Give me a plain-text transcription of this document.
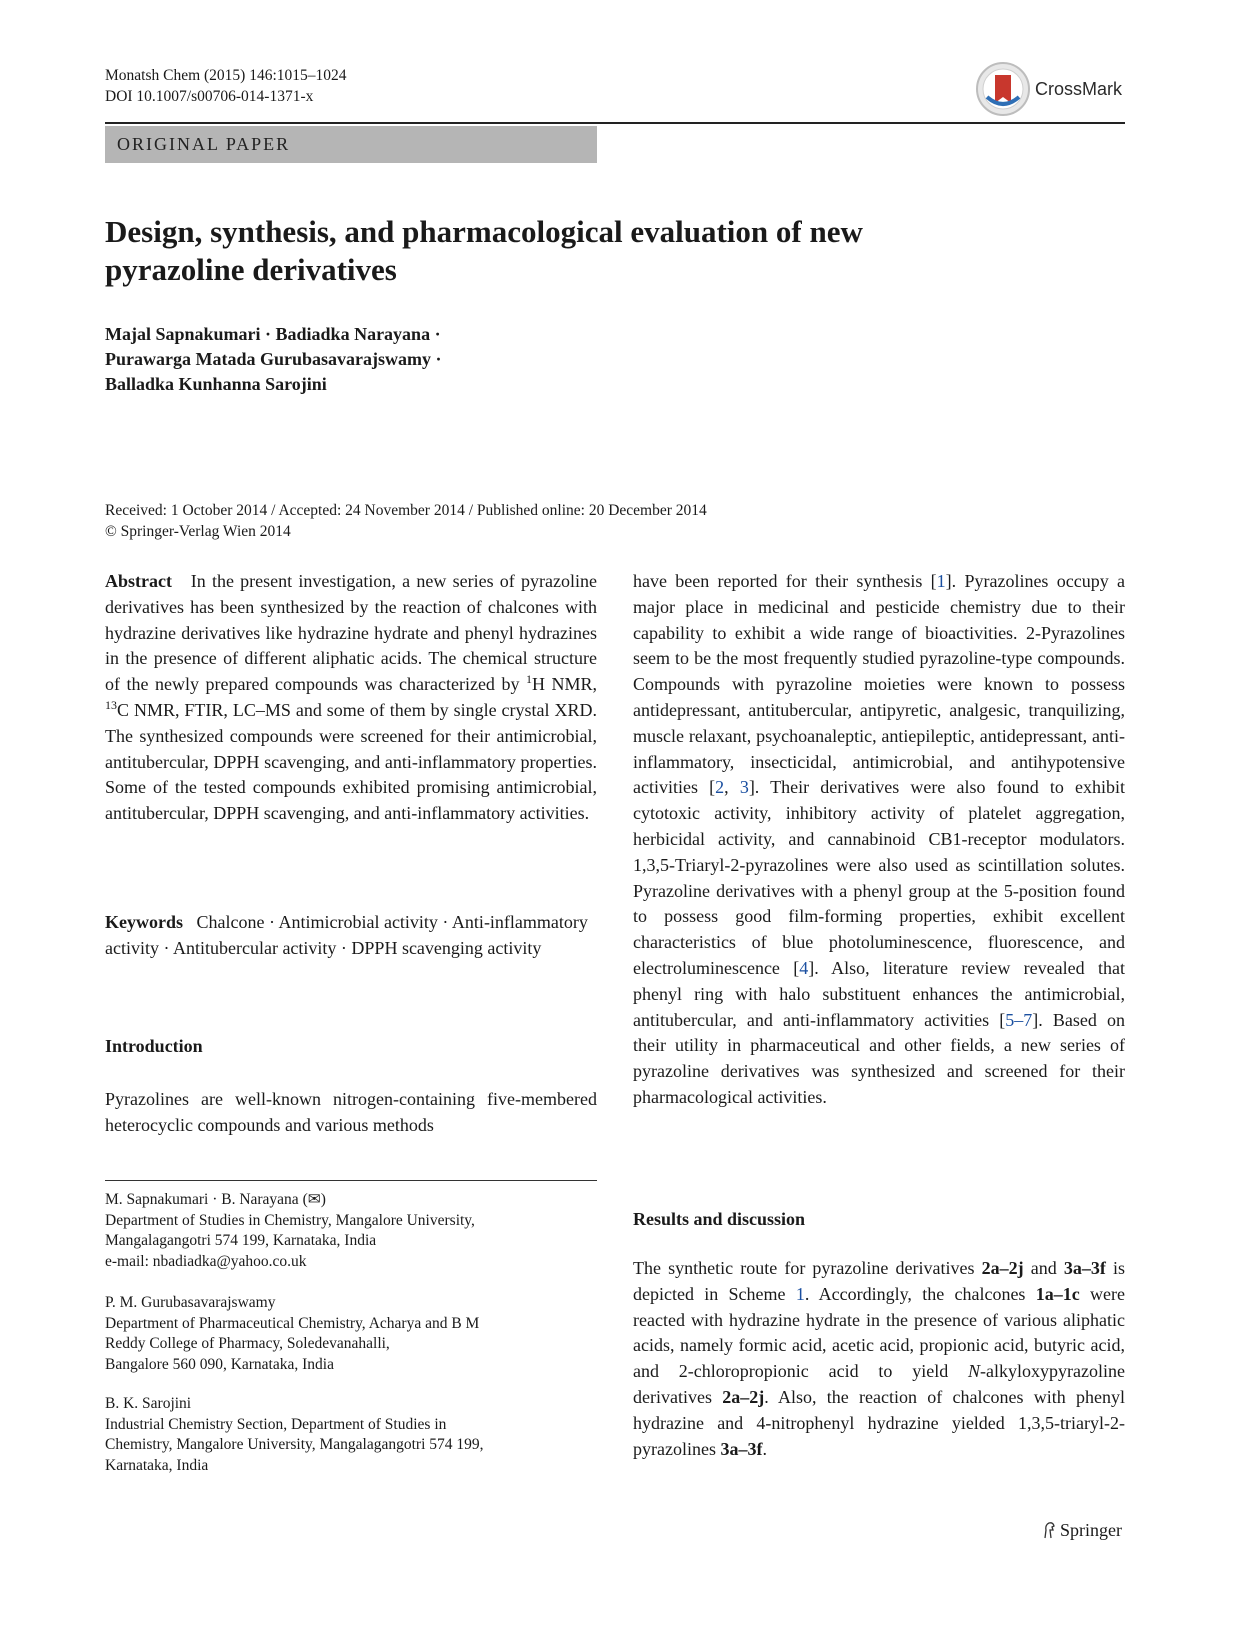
Monatsh Chem (2015) 146:1015–1024
DOI 10.1007/s00706-014-1371-x	CrossMark
ORIGINAL PAPER
Design, synthesis, and pharmacological evaluation of new pyrazoline derivatives
Majal Sapnakumari · Badiadka Narayana ·
Purawarga Matada Gurubasavarajswamy ·
Balladka Kunhanna Sarojini
Received: 1 October 2014 / Accepted: 24 November 2014 / Published online: 20 December 2014
© Springer-Verlag Wien 2014

Abstract In the present investigation, a new series of pyrazoline derivatives has been synthesized by the reaction of chalcones with hydrazine derivatives like hydrazine hydrate and phenyl hydrazines in the presence of different aliphatic acids. The chemical structure of the newly prepared compounds was characterized by $^1$H NMR, $^{13}$C NMR, FTIR, LC–MS and some of them by single crystal XRD. The synthesized compounds were screened for their antimicrobial, antitubercular, DPPH scavenging, and anti-inflammatory properties. Some of the tested compounds exhibited promising antimicrobial, antitubercular, DPPH scavenging, and anti-inflammatory activities.

Keywords Chalcone · Antimicrobial activity · Anti-inflammatory activity · Antitubercular activity · DPPH scavenging activity

Introduction

Pyrazolines are well-known nitrogen-containing five-membered heterocyclic compounds and various methods

M. Sapnakumari · B. Narayana (✉)

Department of Studies in Chemistry, Mangalore University,

Mangalagangotri 574 199, Karnataka, India

e-mail: nbadiadka@yahoo.co.uk

P. M. Gurubasavarajswamy

Department of Pharmaceutical Chemistry, Acharya and B M

Reddy College of Pharmacy, Soledevanahalli,

Bangalore 560 090, Karnataka, India

B. K. Sarojini

Industrial Chemistry Section, Department of Studies in

Chemistry, Mangalore University, Mangalagangotri 574 199,

Karnataka, India

have been reported for their synthesis [1]. Pyrazolines occupy a major place in medicinal and pesticide chemistry due to their capability to exhibit a wide range of bioactivities. 2-Pyrazolines seem to be the most frequently studied pyrazoline-type compounds. Compounds with pyrazoline moieties were known to possess antidepressant, antitubercular, antipyretic, analgesic, tranquilizing, muscle relaxant, psychoanaleptic, antiepileptic, antidepressant, anti-inflammatory, insecticidal, antimicrobial, and antihypotensive activities [2, 3]. Their derivatives were also found to exhibit cytotoxic activity, inhibitory activity of platelet aggregation, herbicidal activity, and cannabinoid CB1-receptor modulators. 1,3,5-Triaryl-2-pyrazolines were also used as scintillation solutes. Pyrazoline derivatives with a phenyl group at the 5-position found to possess good film-forming properties, exhibit excellent characteristics of blue photoluminescence, fluorescence, and electroluminescence [4]. Also, literature review revealed that phenyl ring with halo substituent enhances the antimicrobial, antitubercular, and anti-inflammatory activities [5–7]. Based on their utility in pharmaceutical and other fields, a new series of pyrazoline derivatives was synthesized and screened for their pharmacological activities.

Results and discussion

The synthetic route for pyrazoline derivatives 2a–2j and 3a–3f is depicted in Scheme 1. Accordingly, the chalcones 1a–1c were reacted with hydrazine hydrate in the presence of various aliphatic acids, namely formic acid, acetic acid, propionic acid, butyric acid, and 2-chloropropionic acid to yield N-alkyloxypyrazoline derivatives 2a–2j. Also, the reaction of chalcones with phenyl hydrazine and 4-nitrophenyl hydrazine yielded 1,3,5-triaryl-2-pyrazolines 3a–3f.

Springer
